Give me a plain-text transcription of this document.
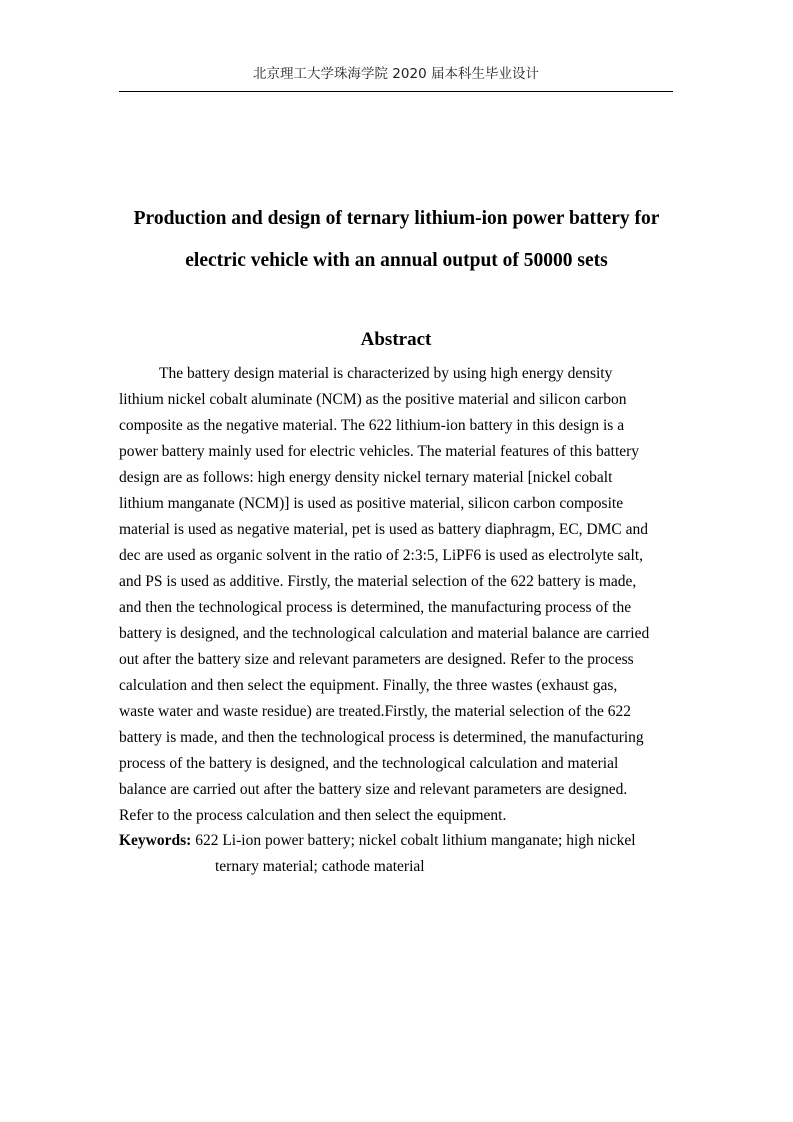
北京理工大学珠海学院 2020 届本科生毕业设计
Production and design of ternary lithium-ion power battery for
electric vehicle with an annual output of 50000 sets
Abstract

The battery design material is characterized by using high energy density
lithium nickel cobalt aluminate (NCM) as the positive material and silicon carbon
composite as the negative material. The 622 lithium-ion battery in this design is a
power battery mainly used for electric vehicles. The material features of this battery
design are as follows: high energy density nickel ternary material [nickel cobalt
lithium manganate (NCM)] is used as positive material, silicon carbon composite
material is used as negative material, pet is used as battery diaphragm, EC, DMC and
dec are used as organic solvent in the ratio of 2:3:5, LiPF6 is used as electrolyte salt,
and PS is used as additive. Firstly, the material selection of the 622 battery is made,
and then the technological process is determined, the manufacturing process of the
battery is designed, and the technological calculation and material balance are carried
out after the battery size and relevant parameters are designed. Refer to the process
calculation and then select the equipment. Finally, the three wastes (exhaust gas,
waste water and waste residue) are treated.Firstly, the material selection of the 622
battery is made, and then the technological process is determined, the manufacturing
process of the battery is designed, and the technological calculation and material
balance are carried out after the battery size and relevant parameters are designed.
Refer to the process calculation and then select the equipment.

Keywords: 622 Li-ion power battery; nickel cobalt lithium manganate; high nickel
ternary material; cathode material
